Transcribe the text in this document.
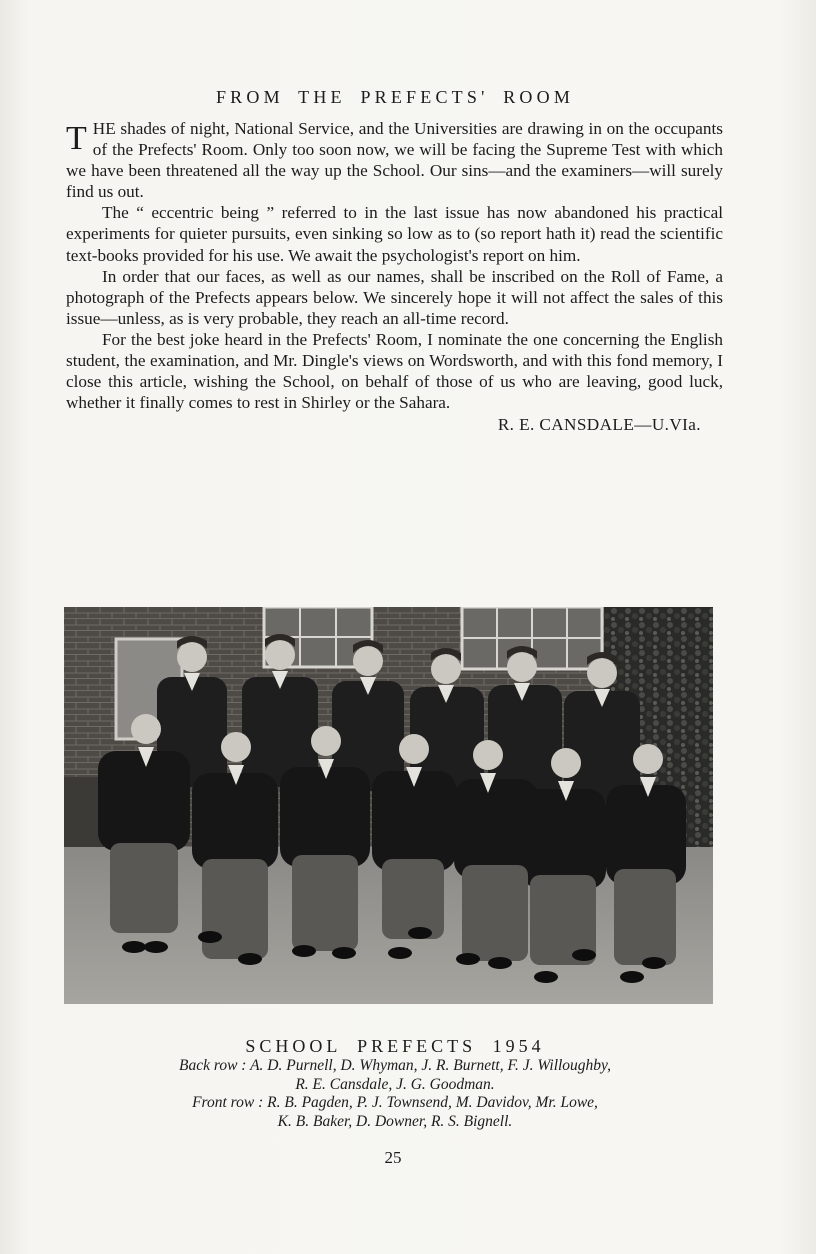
FROM THE PREFECTS' ROOM

THE shades of night, National Service, and the Universities are drawing in on the occupants of the Prefects' Room. Only too soon now, we will be facing the Supreme Test with which we have been threatened all the way up the School. Our sins—and the examiners—will surely find us out.

The “ eccentric being ” referred to in the last issue has now abandoned his practical experiments for quieter pursuits, even sinking so low as to (so report hath it) read the scientific text-books provided for his use. We await the psychologist's report on him.

In order that our faces, as well as our names, shall be inscribed on the Roll of Fame, a photograph of the Prefects appears below. We sincerely hope it will not affect the sales of this issue—unless, as is very probable, they reach an all-time record.

For the best joke heard in the Prefects' Room, I nominate the one concerning the English student, the examination, and Mr. Dingle's views on Wordsworth, and with this fond memory, I close this article, wishing the School, on behalf of those of us who are leaving, good luck, whether it finally comes to rest in Shirley or the Sahara.

R. E. CANSDALE—U.VIa.
SCHOOL PREFECTS 1954
Back row : A. D. Purnell, D. Whyman, J. R. Burnett, F. J. Willoughby,
R. E. Cansdale, J. G. Goodman.
Front row : R. B. Pagden, P. J. Townsend, M. Davidov, Mr. Lowe,
K. B. Baker, D. Downer, R. S. Bignell.
25
